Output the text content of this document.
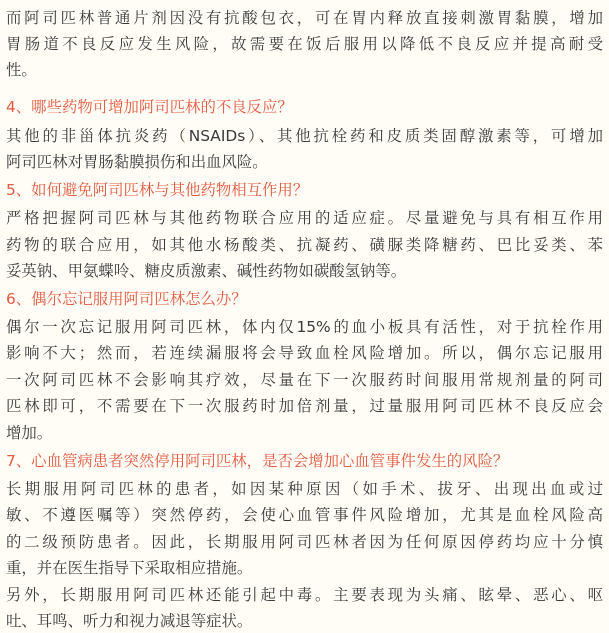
而阿司匹林普通片剂因没有抗酸包衣，可在胃内释放直接刺激胃黏膜，增加
胃肠道不良反应发生风险，故需要在饭后服用以降低不良反应并提高耐受
性。
4、哪些药物可增加阿司匹林的不良反应？
其他的非甾体抗炎药（NSAIDs）、其他抗栓药和皮质类固醇激素等，可增加
阿司匹林对胃肠黏膜损伤和出血风险。
5、如何避免阿司匹林与其他药物相互作用？
严格把握阿司匹林与其他药物联合应用的适应症。尽量避免与具有相互作用
药物的联合应用，如其他水杨酸类、抗凝药、磺脲类降糖药、巴比妥类、苯
妥英钠、甲氨蝶呤、糖皮质激素、碱性药物如碳酸氢钠等。
6、偶尔忘记服用阿司匹林怎么办？
偶尔一次忘记服用阿司匹林，体内仅15%的血小板具有活性，对于抗栓作用
影响不大；然而，若连续漏服将会导致血栓风险增加。所以，偶尔忘记服用
一次阿司匹林不会影响其疗效，尽量在下一次服药时间服用常规剂量的阿司
匹林即可，不需要在下一次服药时加倍剂量，过量服用阿司匹林不良反应会
增加。
7、心血管病患者突然停用阿司匹林，是否会增加心血管事件发生的风险？
长期服用阿司匹林的患者，如因某种原因（如手术、拔牙、出现出血或过
敏、不遵医嘱等）突然停药，会使心血管事件风险增加，尤其是血栓风险高
的二级预防患者。因此，长期服用阿司匹林者因为任何原因停药均应十分慎
重，并在医生指导下采取相应措施。
另外，长期服用阿司匹林还能引起中毒。主要表现为头痛、眩晕、恶心、呕
吐、耳鸣、听力和视力减退等症状。
